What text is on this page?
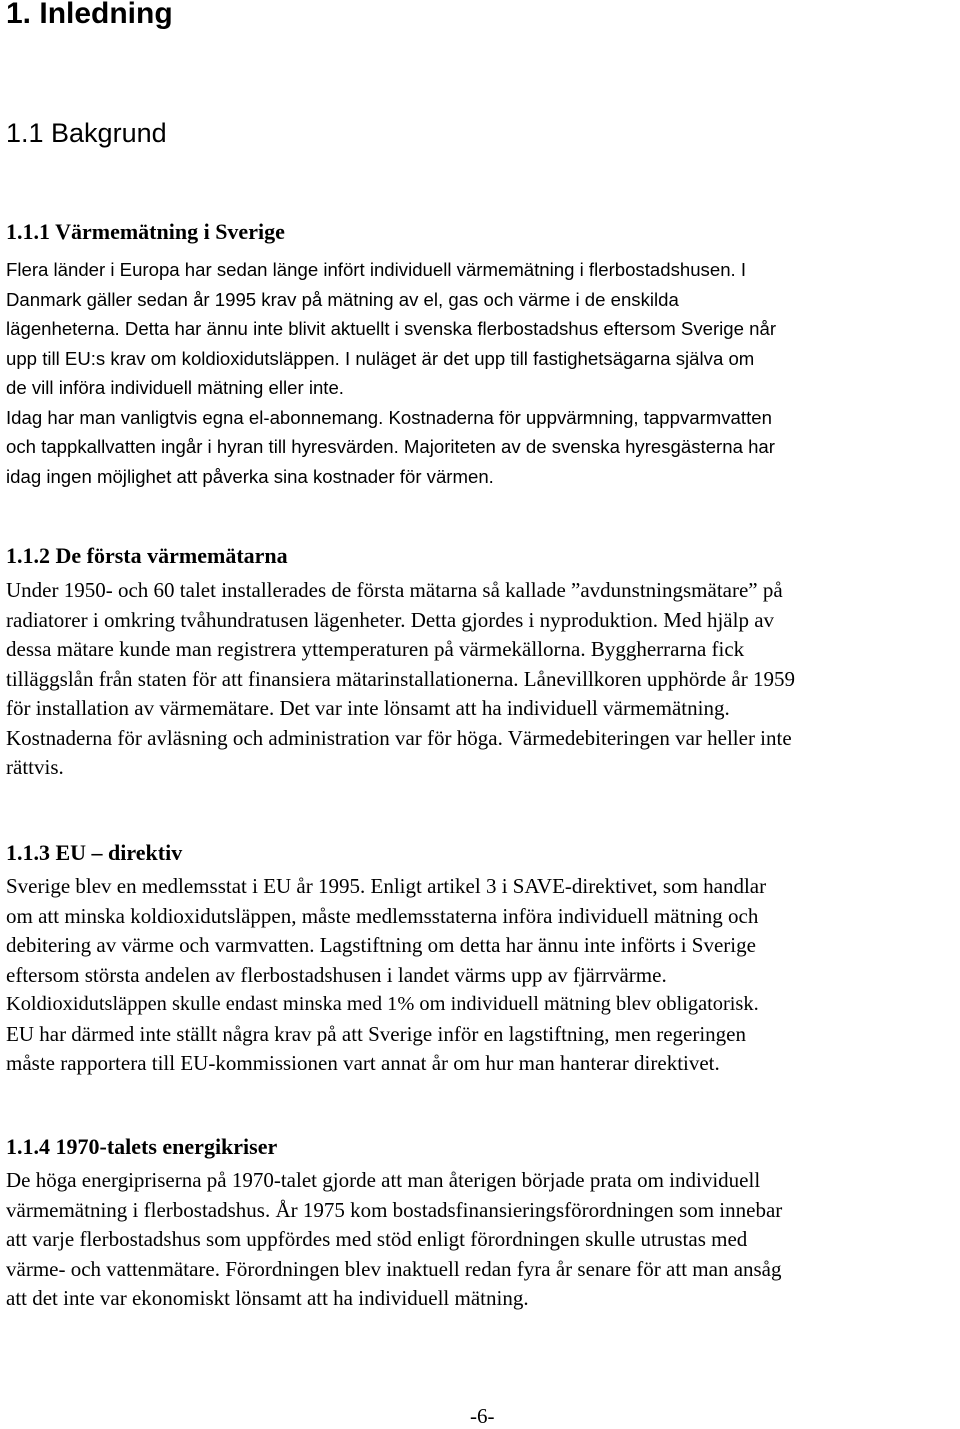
1. Inledning
1.1 Bakgrund
1.1.1 Värmemätning i Sverige
Flera länder i Europa har sedan länge infört individuell värmemätning i flerbostadshusen. I
Danmark gäller sedan år 1995 krav på mätning av el, gas och värme i de enskilda
lägenheterna. Detta har ännu inte blivit aktuellt i svenska flerbostadshus eftersom Sverige når
upp till EU:s krav om koldioxidutsläppen. I nuläget är det upp till fastighetsägarna själva om
de vill införa individuell mätning eller inte.
Idag har man vanligtvis egna el-abonnemang. Kostnaderna för uppvärmning, tappvarmvatten
och tappkallvatten ingår i hyran till hyresvärden. Majoriteten av de svenska hyresgästerna har
idag ingen möjlighet att påverka sina kostnader för värmen.
1.1.2 De första värmemätarna
Under 1950- och 60 talet installerades de första mätarna så kallade ”avdunstningsmätare” på
radiatorer i omkring tvåhundratusen lägenheter. Detta gjordes i nyproduktion. Med hjälp av
dessa mätare kunde man registrera yttemperaturen på värmekällorna. Byggherrarna fick
tilläggslån från staten för att finansiera mätarinstallationerna. Lånevillkoren upphörde år 1959
för installation av värmemätare. Det var inte lönsamt att ha individuell värmemätning.
Kostnaderna för avläsning och administration var för höga. Värmedebiteringen var heller inte
rättvis.
1.1.3 EU – direktiv
Sverige blev en medlemsstat i EU år 1995. Enligt artikel 3 i SAVE-direktivet, som handlar
om att minska koldioxidutsläppen, måste medlemsstaterna införa individuell mätning och
debitering av värme och varmvatten. Lagstiftning om detta har ännu inte införts i Sverige
eftersom största andelen av flerbostadshusen i landet värms upp av fjärrvärme.
Koldioxidutsläppen skulle endast minska med 1% om individuell mätning blev obligatorisk.
EU har därmed inte ställt några krav på att Sverige inför en lagstiftning, men regeringen
måste rapportera till EU-kommissionen vart annat år om hur man hanterar direktivet.
1.1.4 1970-talets energikriser
De höga energipriserna på 1970-talet gjorde att man återigen började prata om individuell
värmemätning i flerbostadshus. År 1975 kom bostadsfinansieringsförordningen som innebar
att varje flerbostadshus som uppfördes med stöd enligt förordningen skulle utrustas med
värme- och vattenmätare. Förordningen blev inaktuell redan fyra år senare för att man ansåg
att det inte var ekonomiskt lönsamt att ha individuell mätning.
-6-
